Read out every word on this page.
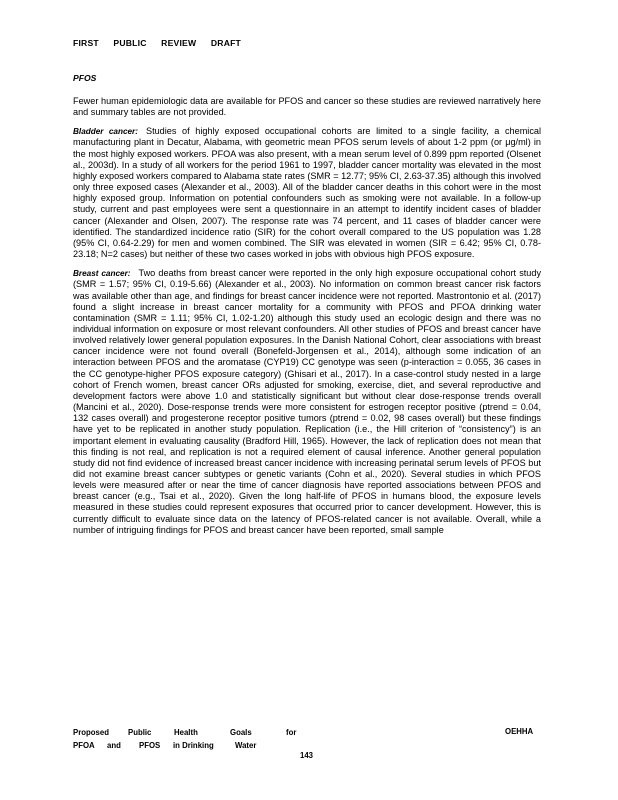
FIRST PUBLIC REVIEW DRAFT
PFOS

Fewer human epidemiologic data are available for PFOS and cancer so these studies are reviewed narratively here and summary tables are not provided.

Bladder cancer: Studies of highly exposed occupational cohorts are limited to a single facility, a chemical manufacturing plant in Decatur, Alabama, with geometric mean PFOS serum levels of about 1-2 ppm (or μg/ml) in the most highly exposed workers. PFOA was also present, with a mean serum level of 0.899 ppm reported (Olsenet al., 2003d). In a study of all workers for the period 1961 to 1997, bladder cancer mortality was elevated in the most highly exposed workers compared to Alabama state rates (SMR = 12.77; 95% CI, 2.63-37.35) although this involved only three exposed cases (Alexander et al., 2003). All of the bladder cancer deaths in this cohort were in the most highly exposed group. Information on potential confounders such as smoking were not available. In a follow-up study, current and past employees were sent a questionnaire in an attempt to identify incident cases of bladder cancer (Alexander and Olsen, 2007). The response rate was 74 percent, and 11 cases of bladder cancer were identified. The standardized incidence ratio (SIR) for the cohort overall compared to the US population was 1.28 (95% CI, 0.64-2.29) for men and women combined. The SIR was elevated in women (SIR = 6.42; 95% CI, 0.78-23.18; N=2 cases) but neither of these two cases worked in jobs with obvious high PFOS exposure.

Breast cancer: Two deaths from breast cancer were reported in the only high exposure occupational cohort study (SMR = 1.57; 95% CI, 0.19-5.66) (Alexander et al., 2003). No information on common breast cancer risk factors was available other than age, and findings for breast cancer incidence were not reported. Mastrontonio et al. (2017) found a slight increase in breast cancer mortality for a community with PFOS and PFOA drinking water contamination (SMR = 1.11; 95% CI, 1.02-1.20) although this study used an ecologic design and there was no individual information on exposure or most relevant confounders. All other studies of PFOS and breast cancer have involved relatively lower general population exposures. In the Danish National Cohort, clear associations with breast cancer incidence were not found overall (Bonefeld-Jorgensen et al., 2014), although some indication of an interaction between PFOS and the aromatase (CYP19) CC genotype was seen (p-interaction = 0.055, 36 cases in the CC genotype-higher PFOS exposure category) (Ghisari et al., 2017). In a case-control study nested in a large cohort of French women, breast cancer ORs adjusted for smoking, exercise, diet, and several reproductive and development factors were above 1.0 and statistically significant but without clear dose-response trends overall (Mancini et al., 2020). Dose-response trends were more consistent for estrogen receptor positive (ptrend = 0.04, 132 cases overall) and progesterone receptor positive tumors (ptrend = 0.02, 98 cases overall) but these findings have yet to be replicated in another study population. Replication (i.e., the Hill criterion of “consistency”) is an important element in evaluating causality (Bradford Hill, 1965). However, the lack of replication does not mean that this finding is not real, and replication is not a required element of causal inference. Another general population study did not find evidence of increased breast cancer incidence with increasing perinatal serum levels of PFOS but did not examine breast cancer subtypes or genetic variants (Cohn et al., 2020). Several studies in which PFOS levels were measured after or near the time of cancer diagnosis have reported associations between PFOS and breast cancer (e.g., Tsai et al., 2020). Given the long half-life of PFOS in humans blood, the exposure levels measured in these studies could represent exposures that occurred prior to cancer development. However, this is currently difficult to evaluate since data on the latency of PFOS-related cancer is not available. Overall, while a number of intriguing findings for PFOS and breast cancer have been reported, small sample

Proposed	Public	Health	Goals	for
PFOA	and	PFOS	in Drinking	Water
OEHHA
143
